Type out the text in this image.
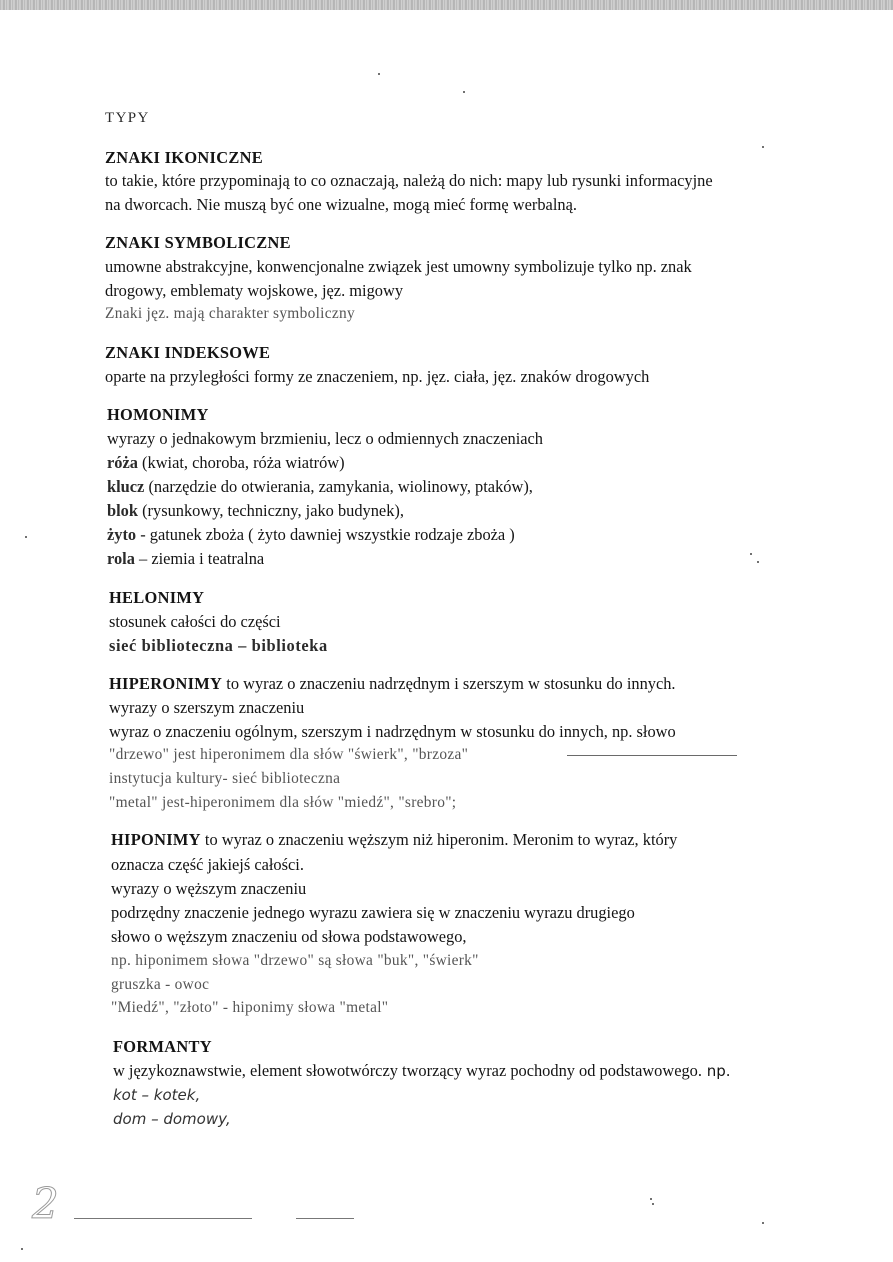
TYPY
ZNAKI IKONICZNE
to takie, które przypominają to co oznaczają, należą do nich: mapy lub rysunki informacyjne
na dworcach. Nie muszą być one wizualne, mogą mieć formę werbalną.
ZNAKI SYMBOLICZNE
umowne abstrakcyjne, konwencjonalne związek jest umowny symbolizuje tylko np. znak
drogowy, emblematy wojskowe, jęz. migowy
Znaki jęz. mają charakter symboliczny
ZNAKI INDEKSOWE
oparte na przyległości formy ze znaczeniem, np. jęz. ciała, jęz. znaków drogowych
HOMONIMY
wyrazy o jednakowym brzmieniu, lecz o odmiennych znaczeniach
róża (kwiat, choroba, róża wiatrów)
klucz (narzędzie do otwierania, zamykania, wiolinowy, ptaków),
blok (rysunkowy, techniczny, jako budynek),
żyto - gatunek zboża ( żyto dawniej wszystkie rodzaje zboża )
rola – ziemia i teatralna
HELONIMY
stosunek całości do części
sieć biblioteczna – biblioteka
HIPERONIMY to wyraz o znaczeniu nadrzędnym i szerszym w stosunku do innych.
wyrazy o szerszym znaczeniu
wyraz o znaczeniu ogólnym, szerszym i nadrzędnym w stosunku do innych, np. słowo
"drzewo" jest hiperonimem dla słów "świerk", "brzoza"
instytucja kultury- sieć biblioteczna
"metal" jest-hiperonimem dla słów "miedź", "srebro";
HIPONIMY to wyraz o znaczeniu węższym niż hiperonim. Meronim to wyraz, który
oznacza część jakiejś całości.
wyrazy o węższym znaczeniu
podrzędny znaczenie jednego wyrazu zawiera się w znaczeniu wyrazu drugiego
słowo o węższym znaczeniu od słowa podstawowego,
np. hiponimem słowa "drzewo" są słowa "buk", "świerk"
gruszka - owoc
"Miedź", "złoto" - hiponimy słowa "metal"
FORMANTY
w językoznawstwie, element słowotwórczy tworzący wyraz pochodny od podstawowego. np.
kot – kotek,
dom – domowy,
2
